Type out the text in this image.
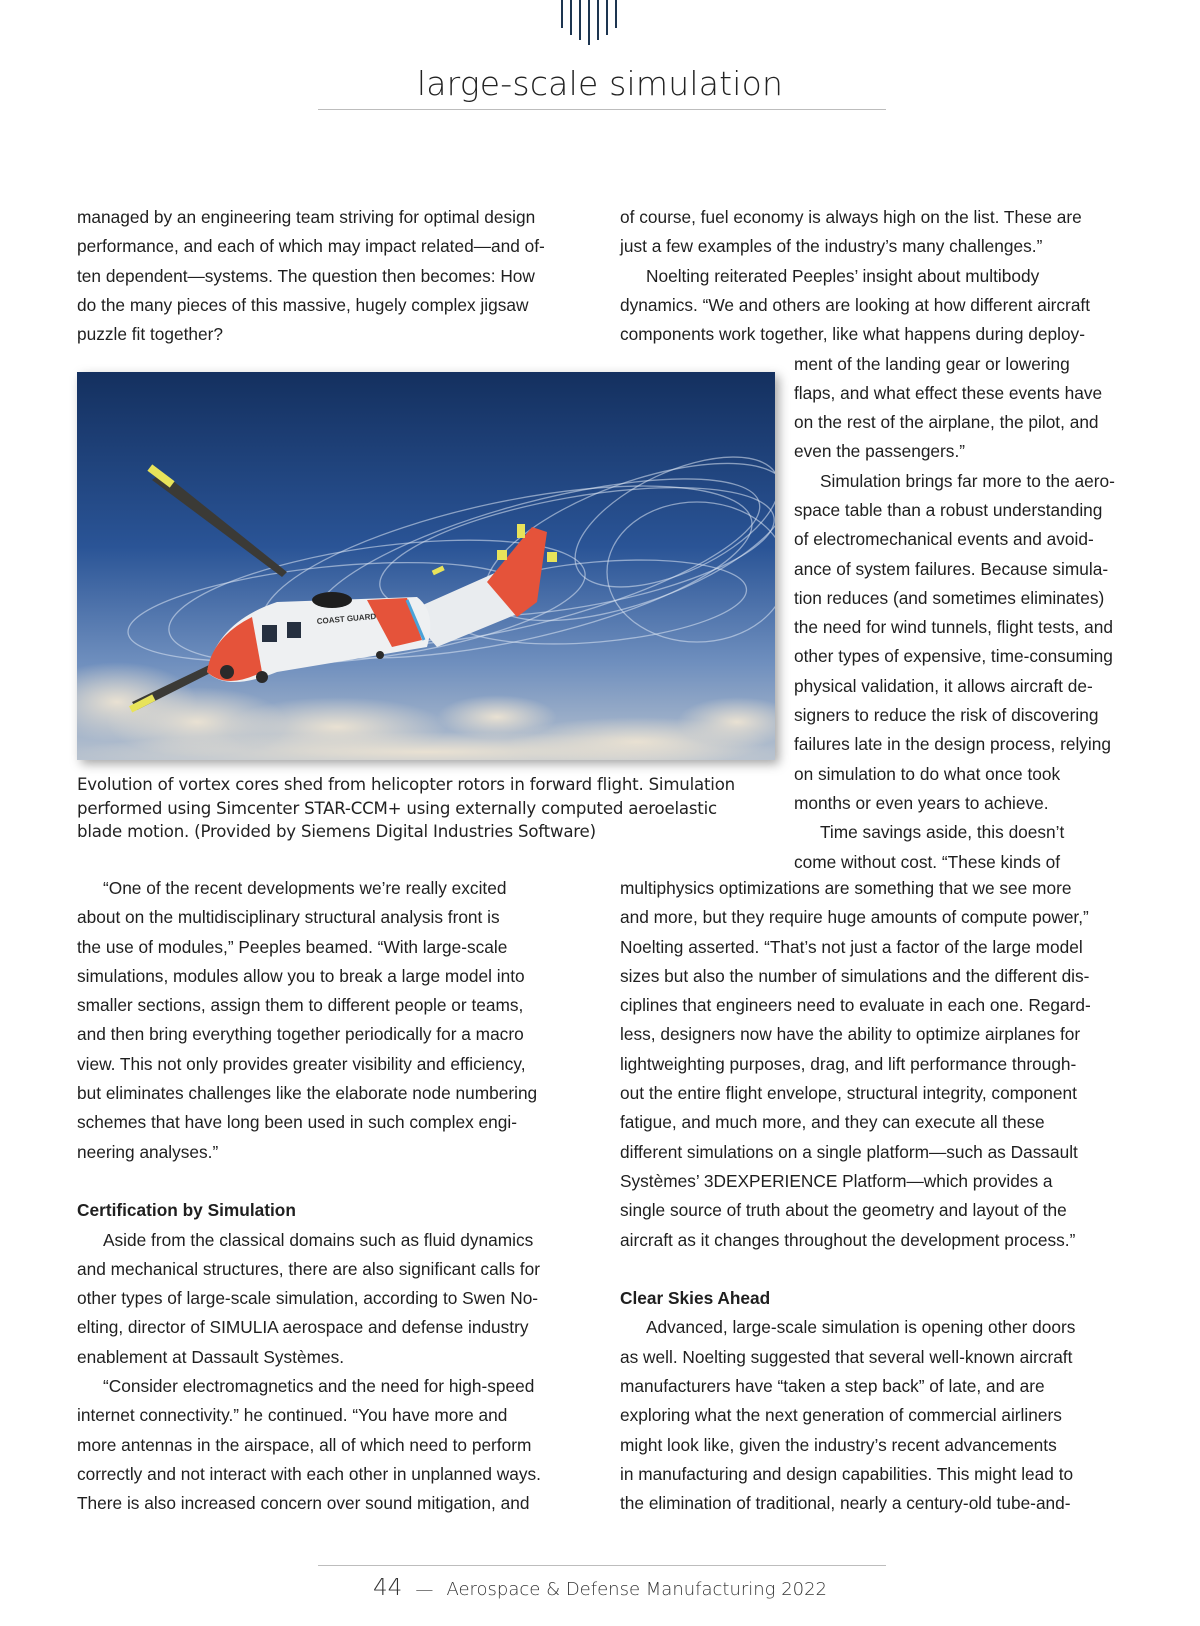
large-scale simulation
managed by an engineering team striving for optimal design
performance, and each of which may impact related—and of-
ten dependent—systems. The question then becomes: How
do the many pieces of this massive, hugely complex jigsaw
puzzle fit together?
COAST GUARD
Evolution of vortex cores shed from helicopter rotors in forward flight. Simulation
performed using Simcenter STAR-CCM+ using externally computed aeroelastic
blade motion. (Provided by Siemens Digital Industries Software)
“One of the recent developments we’re really excited
about on the multidisciplinary structural analysis front is
the use of modules,” Peeples beamed. “With large-scale
simulations, modules allow you to break a large model into
smaller sections, assign them to different people or teams,
and then bring everything together periodically for a macro
view. This not only provides greater visibility and efficiency,
but eliminates challenges like the elaborate node numbering
schemes that have long been used in such complex engi-
neering analyses.”

Certification by Simulation
Aside from the classical domains such as fluid dynamics
and mechanical structures, there are also significant calls for
other types of large-scale simulation, according to Swen No-
elting, director of SIMULIA aerospace and defense industry
enablement at Dassault Systèmes.
“Consider electromagnetics and the need for high-speed
internet connectivity.” he continued. “You have more and
more antennas in the airspace, all of which need to perform
correctly and not interact with each other in unplanned ways.
There is also increased concern over sound mitigation, and
of course, fuel economy is always high on the list. These are
just a few examples of the industry’s many challenges.”
Noelting reiterated Peeples’ insight about multibody
dynamics. “We and others are looking at how different aircraft
components work together, like what happens during deploy-
ment of the landing gear or lowering
flaps, and what effect these events have
on the rest of the airplane, the pilot, and
even the passengers.”
Simulation brings far more to the aero-
space table than a robust understanding
of electromechanical events and avoid-
ance of system failures. Because simula-
tion reduces (and sometimes eliminates)
the need for wind tunnels, flight tests, and
other types of expensive, time-consuming
physical validation, it allows aircraft de-
signers to reduce the risk of discovering
failures late in the design process, relying
on simulation to do what once took
months or even years to achieve.
Time savings aside, this doesn’t
come without cost. “These kinds of
multiphysics optimizations are something that we see more
and more, but they require huge amounts of compute power,”
Noelting asserted. “That’s not just a factor of the large model
sizes but also the number of simulations and the different dis-
ciplines that engineers need to evaluate in each one. Regard-
less, designers now have the ability to optimize airplanes for
lightweighting purposes, drag, and lift performance through-
out the entire flight envelope, structural integrity, component
fatigue, and much more, and they can execute all these
different simulations on a single platform—such as Dassault
Systèmes’ 3DEXPERIENCE Platform—which provides a
single source of truth about the geometry and layout of the
aircraft as it changes throughout the development process.”

Clear Skies Ahead
Advanced, large-scale simulation is opening other doors
as well. Noelting suggested that several well-known aircraft
manufacturers have “taken a step back” of late, and are
exploring what the next generation of commercial airliners
might look like, given the industry’s recent advancements
in manufacturing and design capabilities. This might lead to
the elimination of traditional, nearly a century-old tube-and-
44 — Aerospace & Defense Manufacturing 2022
